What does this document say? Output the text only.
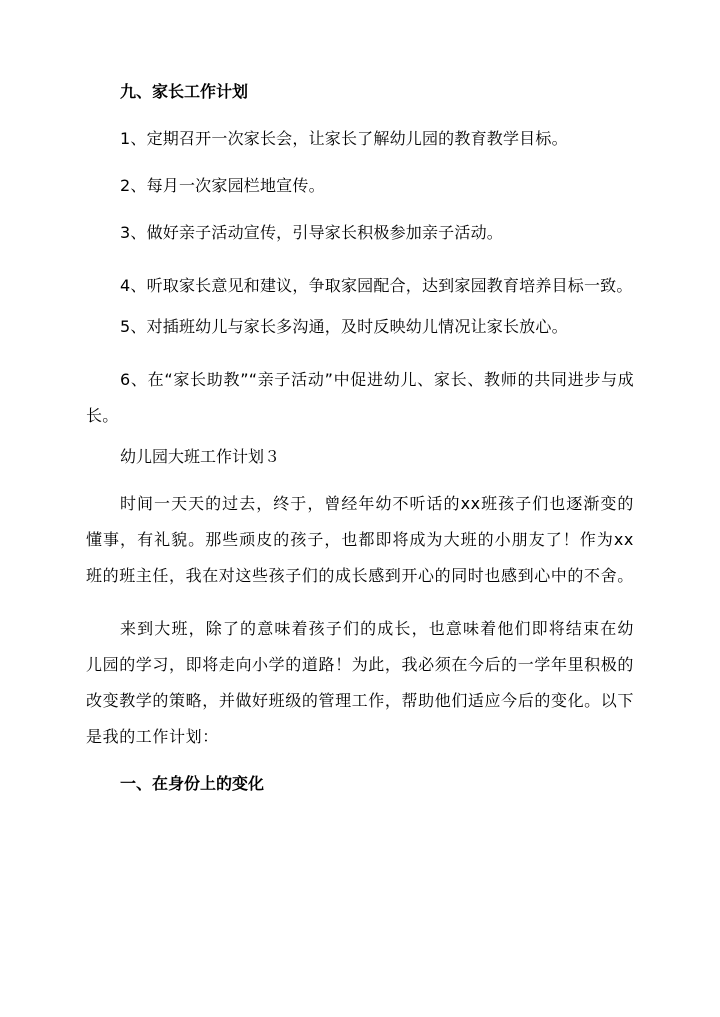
九、家长工作计划

1、定期召开一次家长会，让家长了解幼儿园的教育教学目标。

2、每月一次家园栏地宣传。

3、做好亲子活动宣传，引导家长积极参加亲子活动。

4、听取家长意见和建议，争取家园配合，达到家园教育培养目标一致。

5、对插班幼儿与家长多沟通，及时反映幼儿情况让家长放心。

6、在“家长助教”“亲子活动”中促进幼儿、家长、教师的共同进步与成长。

幼儿园大班工作计划３

时间一天天的过去，终于，曾经年幼不听话的xx班孩子们也逐渐变的懂事，有礼貌。那些顽皮的孩子，也都即将成为大班的小朋友了！作为xx班的班主任，我在对这些孩子们的成长感到开心的同时也感到心中的不舍。

来到大班，除了的意味着孩子们的成长，也意味着他们即将结束在幼儿园的学习，即将走向小学的道路！为此，我必须在今后的一学年里积极的改变教学的策略，并做好班级的管理工作，帮助他们适应今后的变化。以下是我的工作计划：

一、在身份上的变化
